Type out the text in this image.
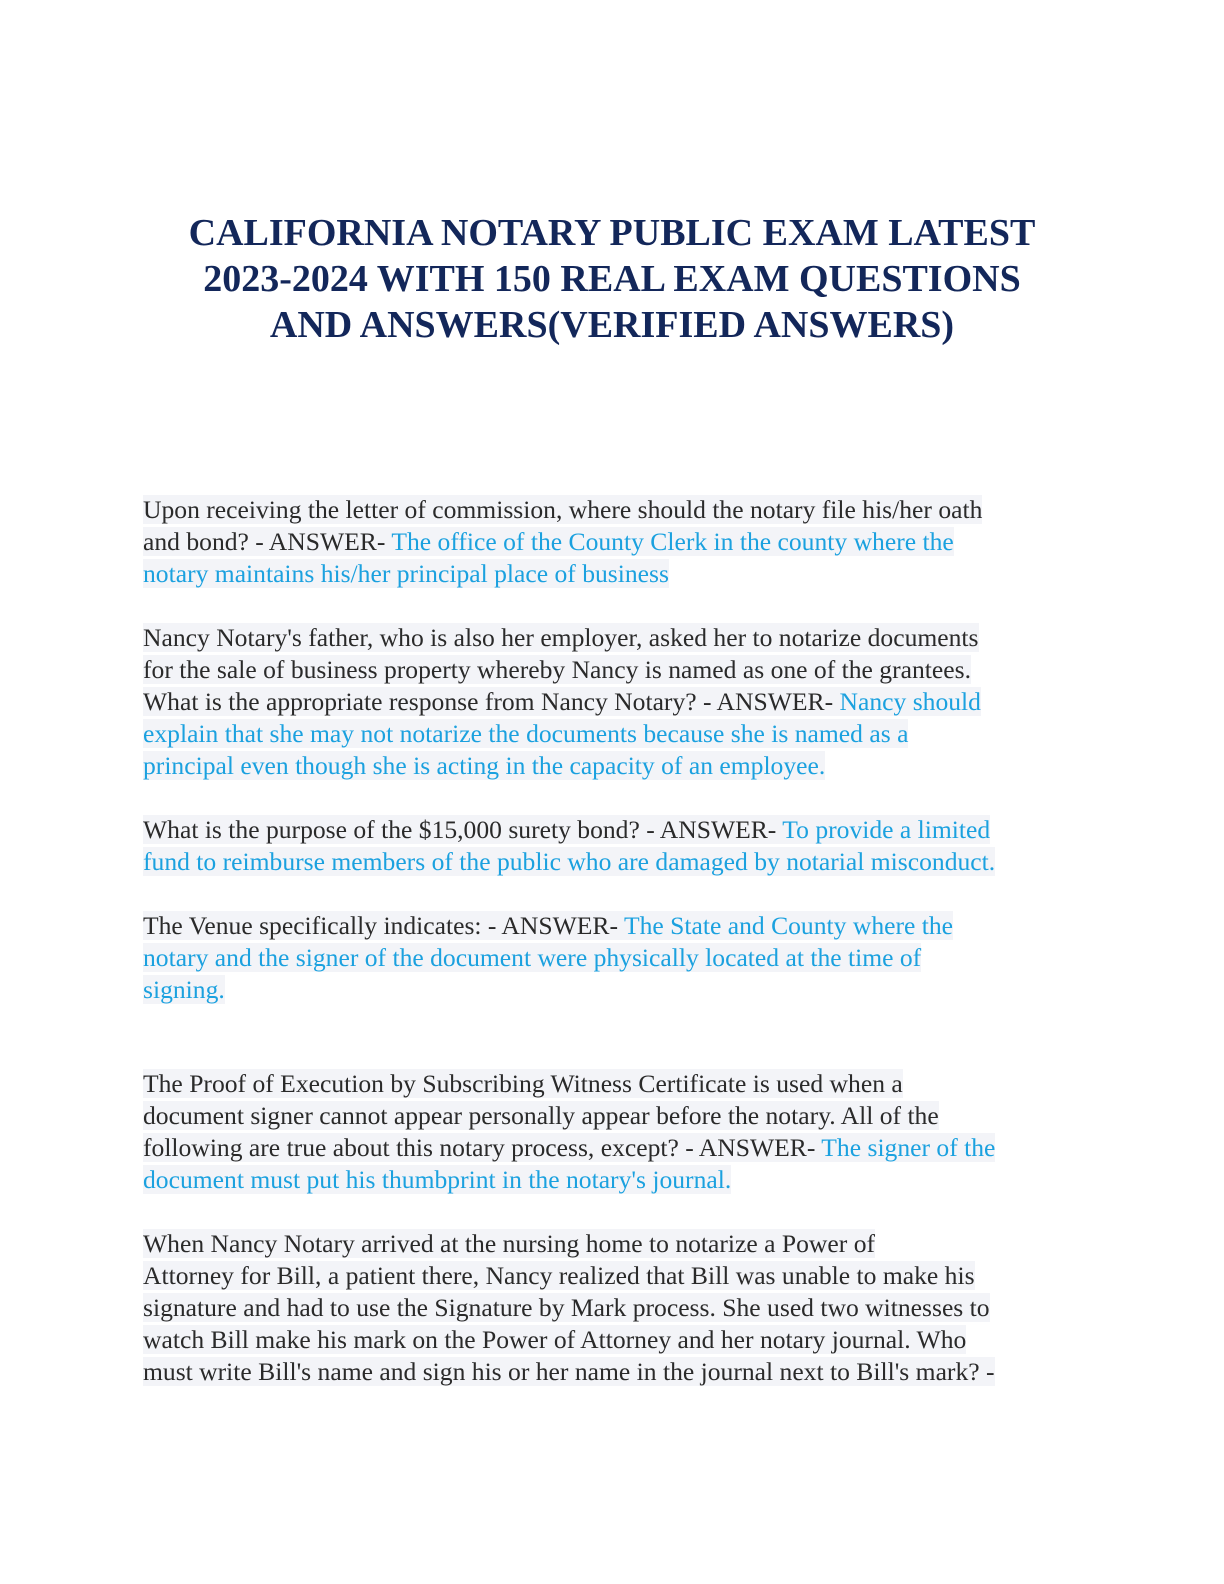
CALIFORNIA NOTARY PUBLIC EXAM LATEST
2023-2024 WITH 150 REAL EXAM QUESTIONS
AND ANSWERS(VERIFIED ANSWERS)

Upon receiving the letter of commission, where should the notary file his/her oath
and bond? - ANSWER- The office of the County Clerk in the county where the
notary maintains his/her principal place of business

Nancy Notary's father, who is also her employer, asked her to notarize documents
for the sale of business property whereby Nancy is named as one of the grantees.
What is the appropriate response from Nancy Notary? - ANSWER- Nancy should
explain that she may not notarize the documents because she is named as a
principal even though she is acting in the capacity of an employee.

What is the purpose of the $15,000 surety bond? - ANSWER- To provide a limited
fund to reimburse members of the public who are damaged by notarial misconduct.

The Venue specifically indicates: - ANSWER- The State and County where the
notary and the signer of the document were physically located at the time of
signing.

The Proof of Execution by Subscribing Witness Certificate is used when a
document signer cannot appear personally appear before the notary. All of the
following are true about this notary process, except? - ANSWER- The signer of the
document must put his thumbprint in the notary's journal.

When Nancy Notary arrived at the nursing home to notarize a Power of
Attorney for Bill, a patient there, Nancy realized that Bill was unable to make his
signature and had to use the Signature by Mark process. She used two witnesses to
watch Bill make his mark on the Power of Attorney and her notary journal. Who
must write Bill's name and sign his or her name in the journal next to Bill's mark? -
